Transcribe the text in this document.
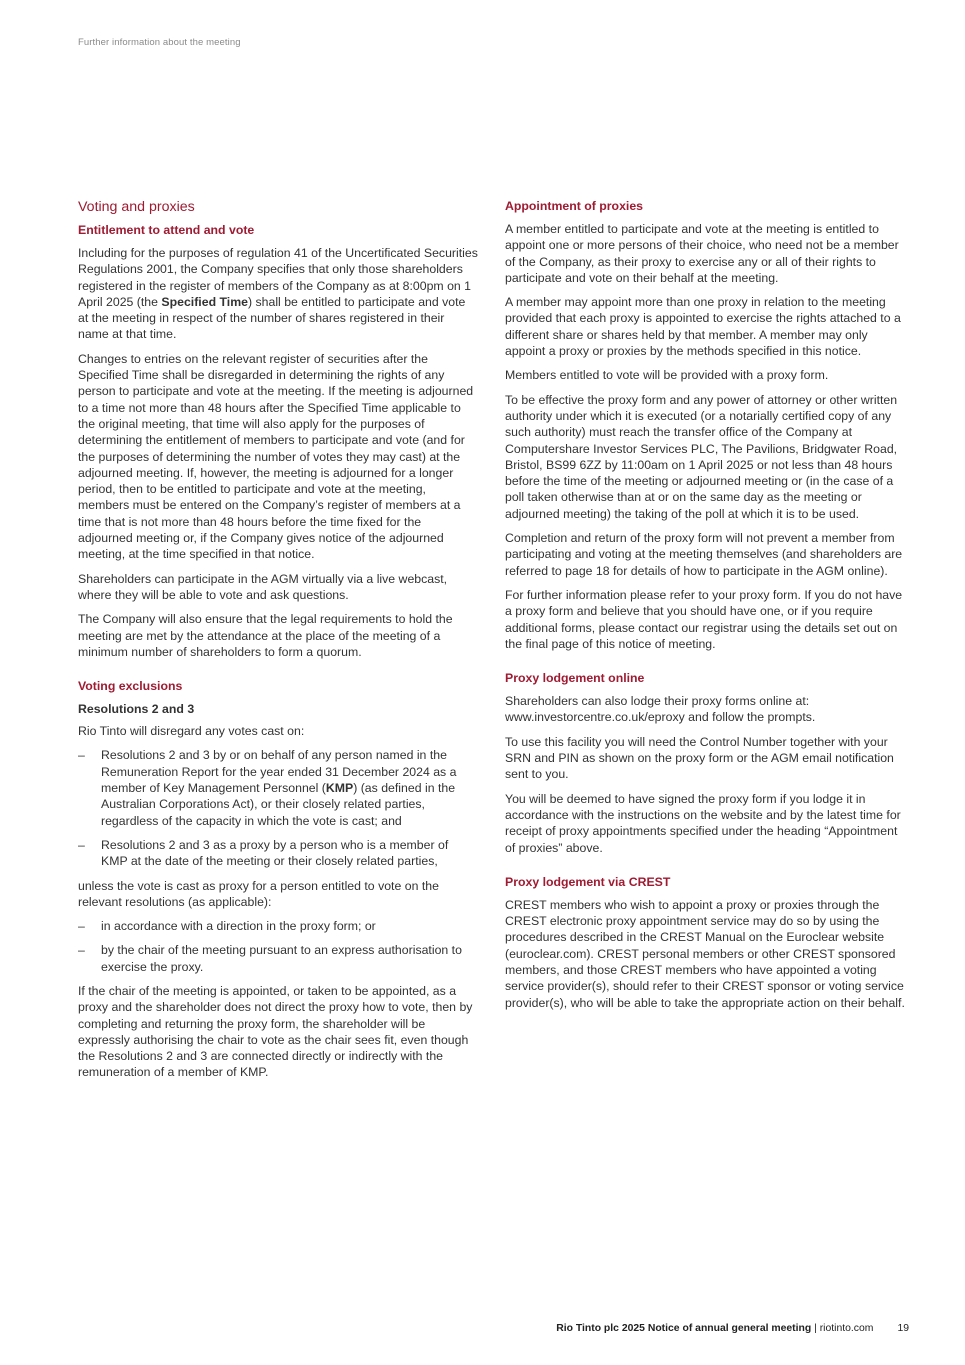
Further information about the meeting
Voting and proxies
Entitlement to attend and vote

Including for the purposes of regulation 41 of the Uncertificated Securities Regulations 2001, the Company specifies that only those shareholders registered in the register of members of the Company as at 8:00pm on 1 April 2025 (the Specified Time) shall be entitled to participate and vote at the meeting in respect of the number of shares registered in their name at that time.

Changes to entries on the relevant register of securities after the Specified Time shall be disregarded in determining the rights of any person to participate and vote at the meeting. If the meeting is adjourned to a time not more than 48 hours after the Specified Time applicable to the original meeting, that time will also apply for the purposes of determining the entitlement of members to participate and vote (and for the purposes of determining the number of votes they may cast) at the adjourned meeting. If, however, the meeting is adjourned for a longer period, then to be entitled to participate and vote at the meeting, members must be entered on the Company’s register of members at a time that is not more than 48 hours before the time fixed for the adjourned meeting or, if the Company gives notice of the adjourned meeting, at the time specified in that notice.

Shareholders can participate in the AGM virtually via a live webcast, where they will be able to vote and ask questions.

The Company will also ensure that the legal requirements to hold the meeting are met by the attendance at the place of the meeting of a minimum number of shareholders to form a quorum.

Voting exclusions
Resolutions 2 and 3

Rio Tinto will disregard any votes cast on:

– Resolutions 2 and 3 by or on behalf of any person named in the Remuneration Report for the year ended 31 December 2024 as a member of Key Management Personnel (KMP) (as defined in the Australian Corporations Act), or their closely related parties, regardless of the capacity in which the vote is cast; and
– Resolutions 2 and 3 as a proxy by a person who is a member of KMP at the date of the meeting or their closely related parties,

unless the vote is cast as proxy for a person entitled to vote on the relevant resolutions (as applicable):

– in accordance with a direction in the proxy form; or
– by the chair of the meeting pursuant to an express authorisation to exercise the proxy.

If the chair of the meeting is appointed, or taken to be appointed, as a proxy and the shareholder does not direct the proxy how to vote, then by completing and returning the proxy form, the shareholder will be expressly authorising the chair to vote as the chair sees fit, even though the Resolutions 2 and 3 are connected directly or indirectly with the remuneration of a member of KMP.

Appointment of proxies

A member entitled to participate and vote at the meeting is entitled to appoint one or more persons of their choice, who need not be a member of the Company, as their proxy to exercise any or all of their rights to participate and vote on their behalf at the meeting.

A member may appoint more than one proxy in relation to the meeting provided that each proxy is appointed to exercise the rights attached to a different share or shares held by that member. A member may only appoint a proxy or proxies by the methods specified in this notice.

Members entitled to vote will be provided with a proxy form.

To be effective the proxy form and any power of attorney or other written authority under which it is executed (or a notarially certified copy of any such authority) must reach the transfer office of the Company at Computershare Investor Services PLC, The Pavilions, Bridgwater Road, Bristol, BS99 6ZZ by 11:00am on 1 April 2025 or not less than 48 hours before the time of the meeting or adjourned meeting or (in the case of a poll taken otherwise than at or on the same day as the meeting or adjourned meeting) the taking of the poll at which it is to be used.

Completion and return of the proxy form will not prevent a member from participating and voting at the meeting themselves (and shareholders are referred to page 18 for details of how to participate in the AGM online).

For further information please refer to your proxy form. If you do not have a proxy form and believe that you should have one, or if you require additional forms, please contact our registrar using the details set out on the final page of this notice of meeting.

Proxy lodgement online

Shareholders can also lodge their proxy forms online at: www.investorcentre.co.uk/eproxy and follow the prompts.

To use this facility you will need the Control Number together with your SRN and PIN as shown on the proxy form or the AGM email notification sent to you.

You will be deemed to have signed the proxy form if you lodge it in accordance with the instructions on the website and by the latest time for receipt of proxy appointments specified under the heading “Appointment of proxies” above.

Proxy lodgement via CREST

CREST members who wish to appoint a proxy or proxies through the CREST electronic proxy appointment service may do so by using the procedures described in the CREST Manual on the Euroclear website (euroclear.com). CREST personal members or other CREST sponsored members, and those CREST members who have appointed a voting service provider(s), should refer to their CREST sponsor or voting service provider(s), who will be able to take the appropriate action on their behalf.

Rio Tinto plc 2025 Notice of annual general meeting | riotinto.com 19
